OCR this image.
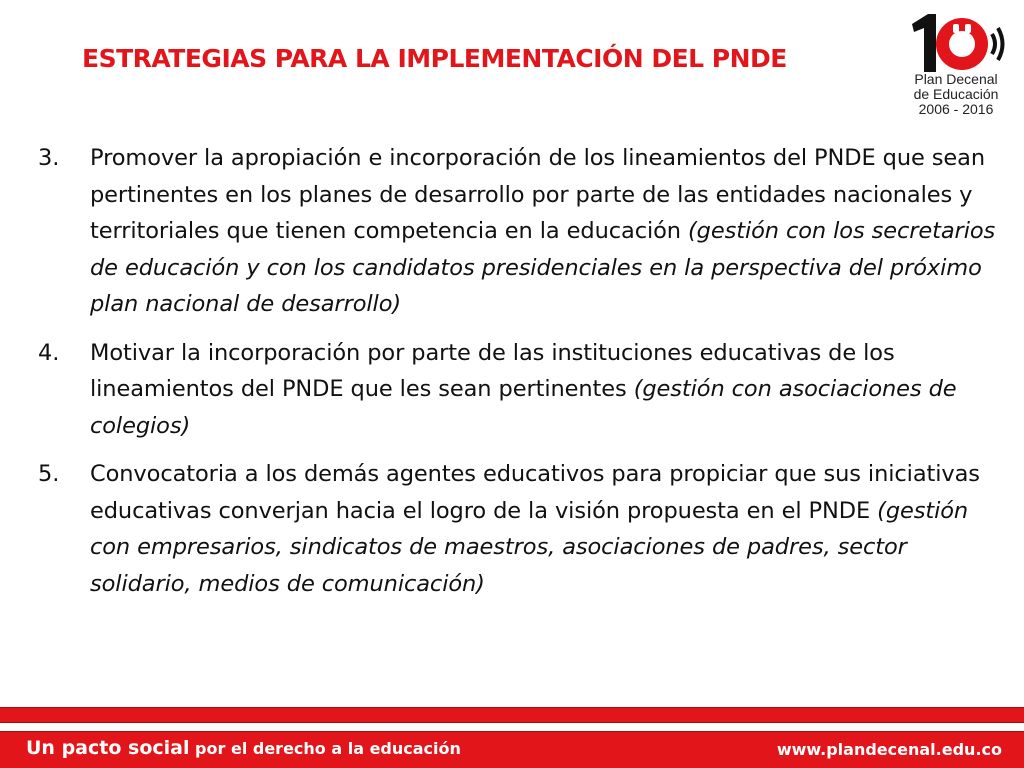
ESTRATEGIAS PARA LA IMPLEMENTACIÓN DEL PNDE
Plan Decenal
de Educación
2006 - 2016
3.	Promover la apropiación e incorporación de los lineamientos del PNDE que sean pertinentes en los planes de desarrollo por parte de las entidades nacionales y territoriales que tienen competencia en la educación (gestión con los secretarios de educación y con los candidatos presidenciales en la perspectiva del próximo plan nacional de desarrollo)
4.	Motivar la incorporación por parte de las instituciones educativas de los lineamientos del PNDE que les sean pertinentes (gestión con asociaciones de colegios)
5.	Convocatoria a los demás agentes educativos para propiciar que sus iniciativas educativas converjan hacia el logro de la visión propuesta en el PNDE (gestión con empresarios, sindicatos de maestros, asociaciones de padres, sector solidario, medios de comunicación)
Un pacto social por el derecho a la educación	www.plandecenal.edu.co
